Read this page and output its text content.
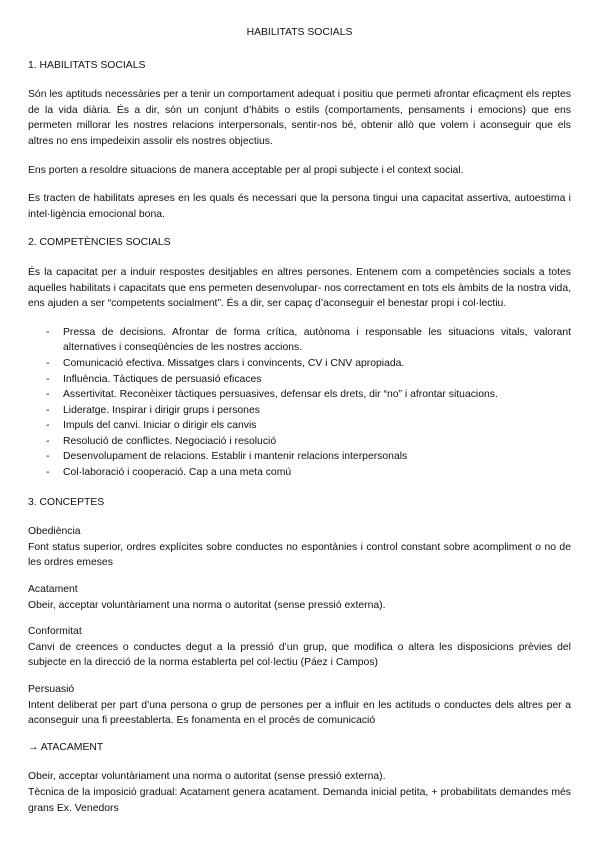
HABILITATS SOCIALS
1. HABILITATS SOCIALS

Són les aptituds necessàries per a tenir un comportament adequat i positiu que permeti afrontar eficaçment els reptes de la vida diària. És a dir, són un conjunt d’hàbits o estils (comportaments, pensaments i emocions) que ens permeten millorar les nostres relacions interpersonals, sentir-nos bé, obtenir allò que volem i aconseguir que els altres no ens impedeixin assolir els nostres objectius.

Ens porten a resoldre situacions de manera acceptable per al propi subjecte i el context social.

Es tracten de habilitats apreses en les quals és necessari que la persona tingui una capacitat assertiva, autoestima i intel·ligència emocional bona.

2. COMPETÈNCIES SOCIALS

És la capacitat per a induir respostes desitjables en altres persones. Entenem com a competències socials a totes aquelles habilitats i capacitats que ens permeten desenvolupar- nos correctament en tots els àmbits de la nostra vida, ens ajuden a ser “competents socialment”. És a dir, ser capaç d’aconseguir el benestar propi i col·lectiu.

- Pressa de decisions. Afrontar de forma crítica, autònoma i responsable les situacions vitals, valorant alternatives i conseqüències de les nostres accions.
- Comunicació efectiva. Missatges clars i convincents, CV i CNV apropiada.
- Influència. Tàctiques de persuasió eficaces
- Assertivitat. Reconèixer tàctiques persuasives, defensar els drets, dir “no” i afrontar situacions.
- Lideratge. Inspirar i dirigir grups i persones
- Impuls del canvi. Iniciar o dirigir els canvis
- Resolució de conflictes. Negociació i resolució
- Desenvolupament de relacions. Establir i mantenir relacions interpersonals
- Col·laboració i cooperació. Cap a una meta comú
3. CONCEPTES
Obediència
Font status superior, ordres explícites sobre conductes no espontànies i control constant sobre acompliment o no de les ordres emeses
Acatament
Obeir, acceptar voluntàriament una norma o autoritat (sense pressió externa).
Conformitat
Canvi de creences o conductes degut a la pressió d’un grup, que modifica o altera les disposicions prèvies del subjecte en la direcció de la norma establerta pel col·lectiu (Páez i Campos)
Persuasió
Intent deliberat per part d’una persona o grup de persones per a influir en les actituds o conductes dels altres per a aconseguir una fi preestablerta. Es fonamenta en el procés de comunicació
→ ATACAMENT

Obeir, acceptar voluntàriament una norma o autoritat (sense pressió externa).

Tècnica de la imposició gradual: Acatament genera acatament. Demanda inicial petita, + probabilitats demandes més grans Ex. Venedors
